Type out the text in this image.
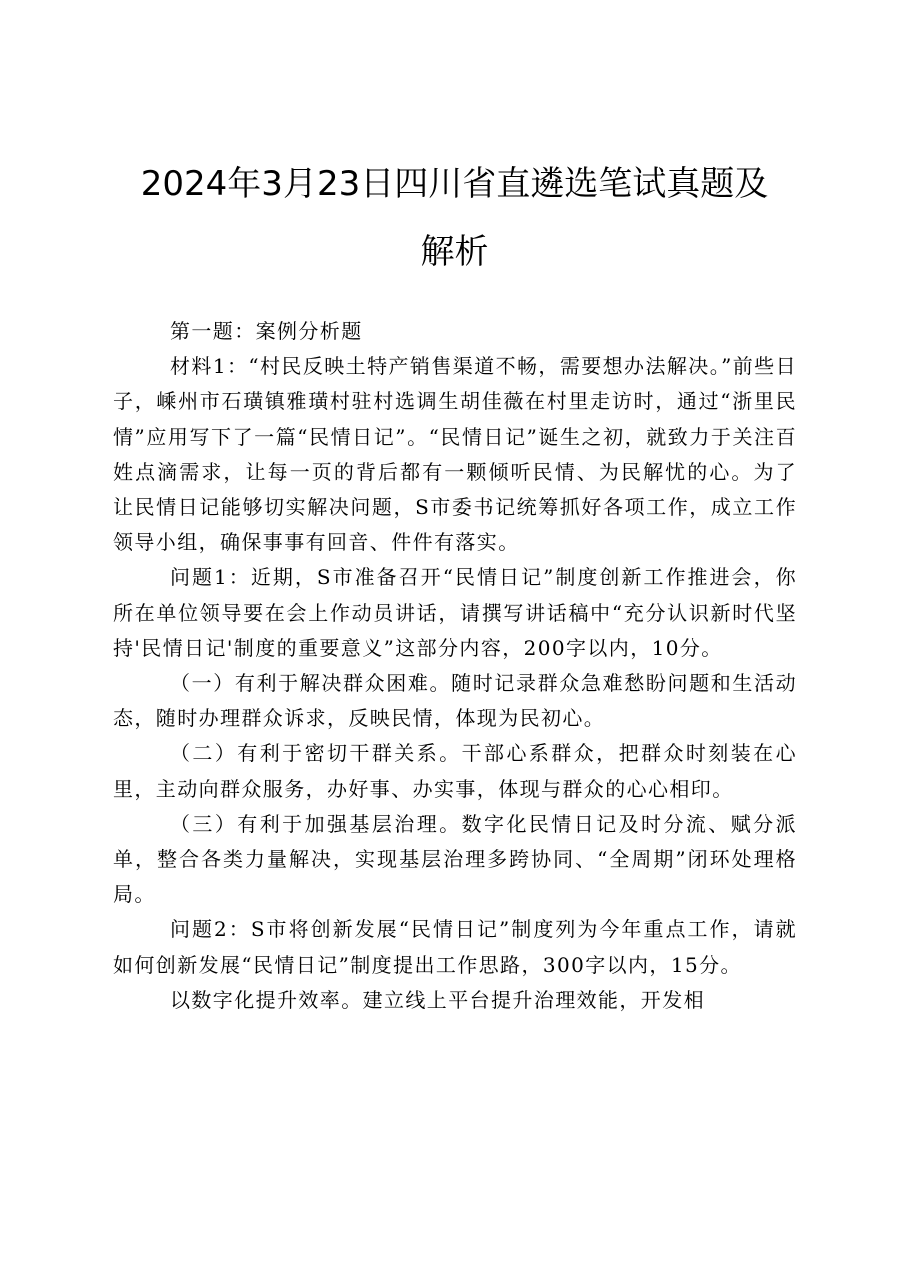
2024年3月23日四川省直遴选笔试真题及
解析

第一题：案例分析题

材料1：“村民反映土特产销售渠道不畅，需要想办法解决。”前些日子，嵊州市石璜镇雅璜村驻村选调生胡佳薇在村里走访时，通过“浙里民情”应用写下了一篇“民情日记”。“民情日记”诞生之初，就致力于关注百姓点滴需求，让每一页的背后都有一颗倾听民情、为民解忧的心。为了让民情日记能够切实解决问题，S市委书记统筹抓好各项工作，成立工作领导小组，确保事事有回音、件件有落实。

问题1：近期，S市准备召开“民情日记”制度创新工作推进会，你所在单位领导要在会上作动员讲话，请撰写讲话稿中“充分认识新时代坚持'民情日记'制度的重要意义”这部分内容，200字以内，10分。

（一）有利于解决群众困难。随时记录群众急难愁盼问题和生活动态，随时办理群众诉求，反映民情，体现为民初心。

（二）有利于密切干群关系。干部心系群众，把群众时刻装在心里，主动向群众服务，办好事、办实事，体现与群众的心心相印。

（三）有利于加强基层治理。数字化民情日记及时分流、赋分派单，整合各类力量解决，实现基层治理多跨协同、“全周期”闭环处理格局。

问题2：S市将创新发展“民情日记”制度列为今年重点工作，请就如何创新发展“民情日记”制度提出工作思路，300字以内，15分。

以数字化提升效率。建立线上平台提升治理效能，开发相
